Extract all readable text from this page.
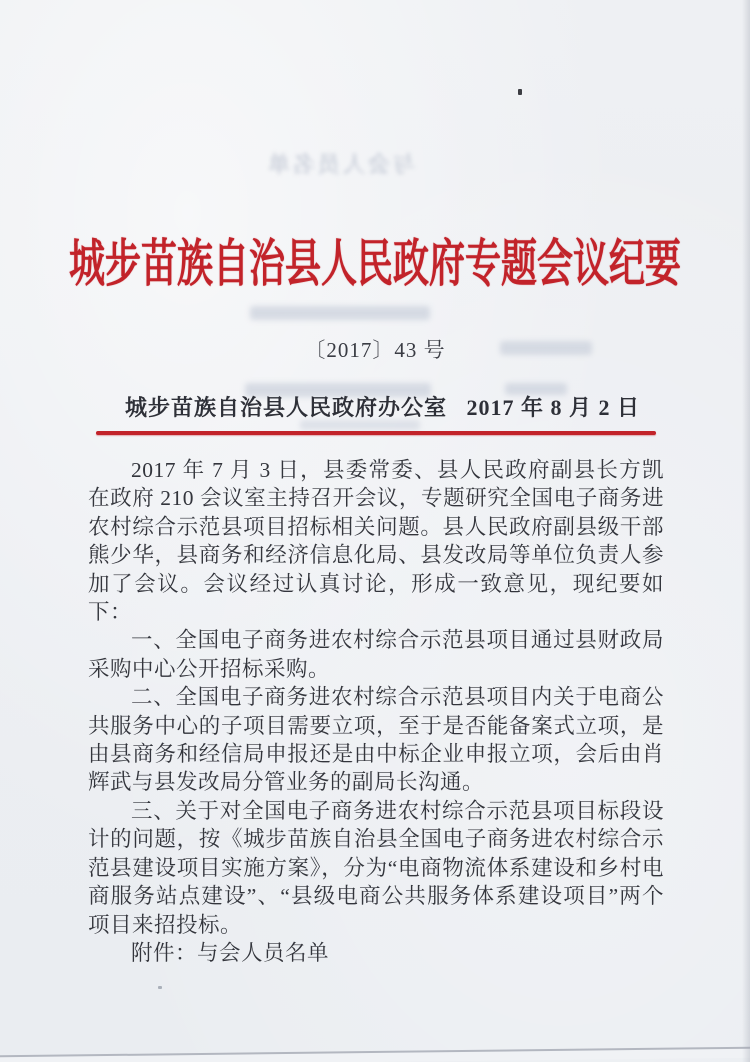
与会人员名单
城步苗族自治县人民政府专题会议纪要
〔2017〕43 号
城步苗族自治县人民政府办公室 2017 年 8 月 2 日

2017 年 7 月 3 日，县委常委、县人民政府副县长方凯在政府 210 会议室主持召开会议，专题研究全国电子商务进农村综合示范县项目招标相关问题。县人民政府副县级干部熊少华，县商务和经济信息化局、县发改局等单位负责人参加了会议。会议经过认真讨论，形成一致意见，现纪要如下：

一、全国电子商务进农村综合示范县项目通过县财政局采购中心公开招标采购。

二、全国电子商务进农村综合示范县项目内关于电商公共服务中心的子项目需要立项，至于是否能备案式立项，是由县商务和经信局申报还是由中标企业申报立项，会后由肖辉武与县发改局分管业务的副局长沟通。

三、关于对全国电子商务进农村综合示范县项目标段设计的问题，按《城步苗族自治县全国电子商务进农村综合示范县建设项目实施方案》，分为“电商物流体系建设和乡村电商服务站点建设”、“县级电商公共服务体系建设项目”两个项目来招投标。

附件：与会人员名单
